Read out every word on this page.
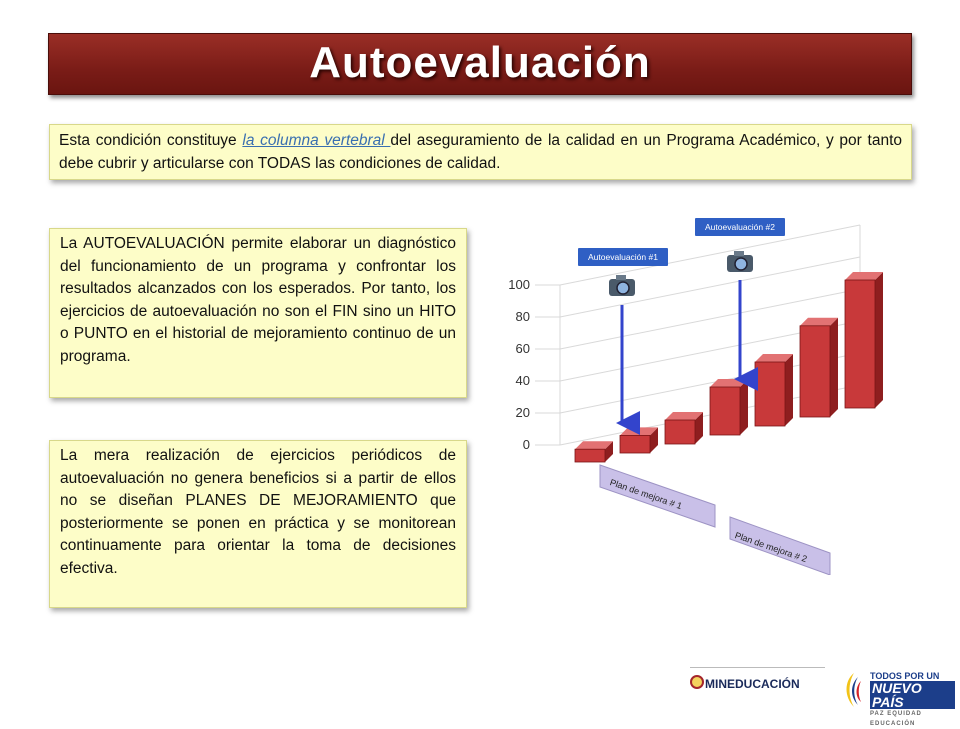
Autoevaluación
Esta condición constituye la columna vertebral del aseguramiento de la calidad en un Programa Académico, y por tanto debe cubrir y articularse con TODAS las condiciones de calidad.
La AUTOEVALUACIÓN permite elaborar un diagnóstico del funcionamiento de un programa y confrontar los resultados alcanzados con los esperados. Por tanto, los ejercicios de autoevaluación no son el FIN sino un HITO o PUNTO en el historial de mejoramiento continuo de un programa.
La mera realización de ejercicios periódicos de autoevaluación no genera beneficios si a partir de ellos no se diseñan PLANES DE MEJORAMIENTO que posteriormente se ponen en práctica y se monitorean continuamente para orientar la toma de decisiones efectiva.
0
20
40
60
80
100
Plan de mejora # 1
Plan de mejora # 2
Autoevaluación #1
Autoevaluación #2
MINEDUCACIÓN
TODOS POR UN
NUEVO PAÍS
PAZ EQUIDAD EDUCACIÓN
